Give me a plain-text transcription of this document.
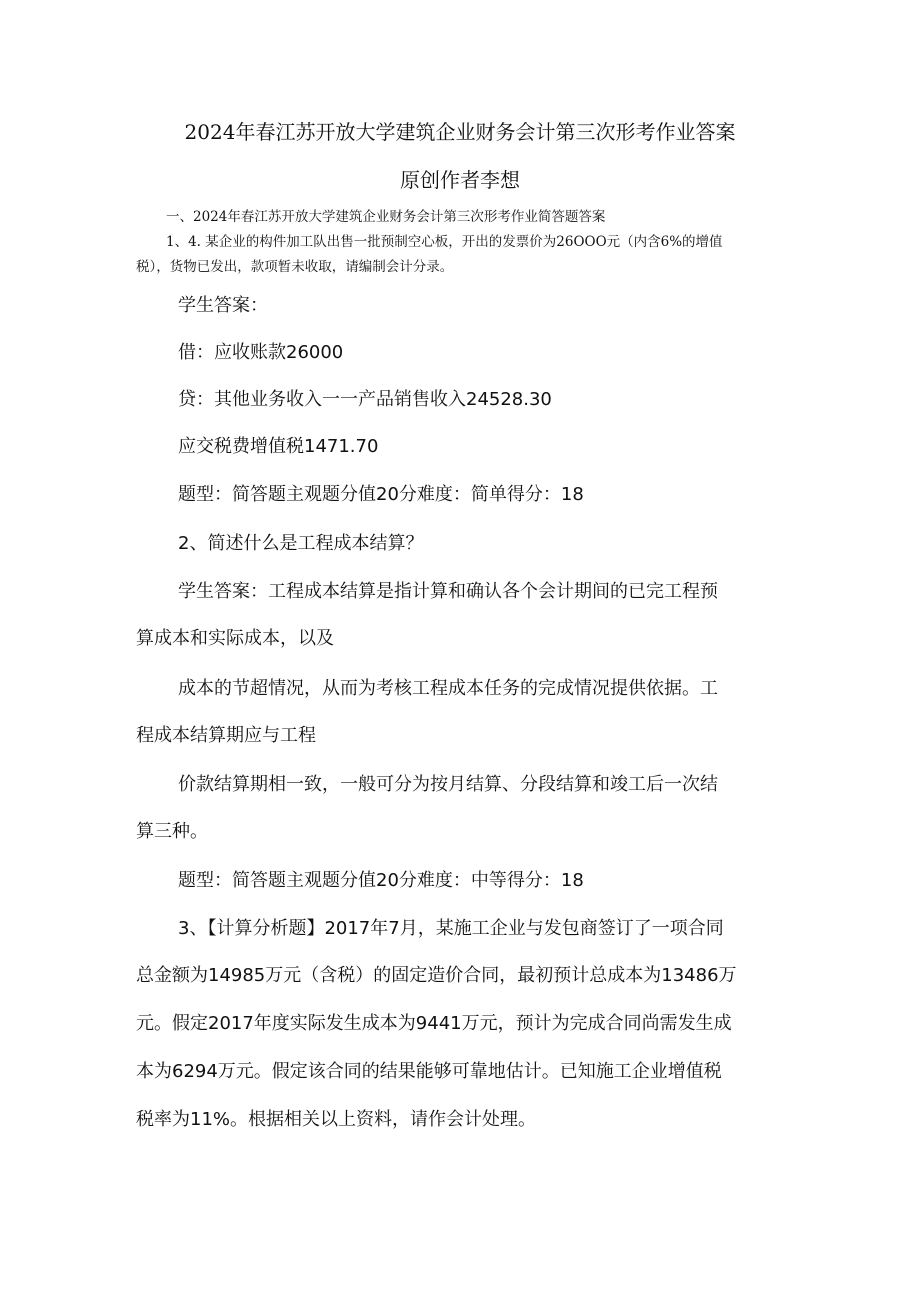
2024年春江苏开放大学建筑企业财务会计第三次形考作业答案

原创作者李想

一、2024年春江苏开放大学建筑企业财务会计第三次形考作业简答题答案

1、4. 某企业的构件加工队出售一批预制空心板，开出的发票价为26OOO元（内含6%的增值

税），货物已发出，款项暂未收取，请编制会计分录。

学生答案：

借：应收账款26000

贷：其他业务收入一一产品销售收入24528.30

应交税费增值税1471.70

题型：简答题主观题分值20分难度：简单得分：18

2、简述什么是工程成本结算？

学生答案：工程成本结算是指计算和确认各个会计期间的已完工程预

算成本和实际成本，以及

成本的节超情况，从而为考核工程成本任务的完成情况提供依据。工

程成本结算期应与工程

价款结算期相一致，一般可分为按月结算、分段结算和竣工后一次结

算三种。

题型：简答题主观题分值20分难度：中等得分：18

3、【计算分析题】2017年7月，某施工企业与发包商签订了一项合同

总金额为14985万元（含税）的固定造价合同，最初预计总成本为13486万

元。假定2017年度实际发生成本为9441万元，预计为完成合同尚需发生成

本为6294万元。假定该合同的结果能够可靠地估计。已知施工企业增值税

税率为11%。根据相关以上资料，请作会计处理。
